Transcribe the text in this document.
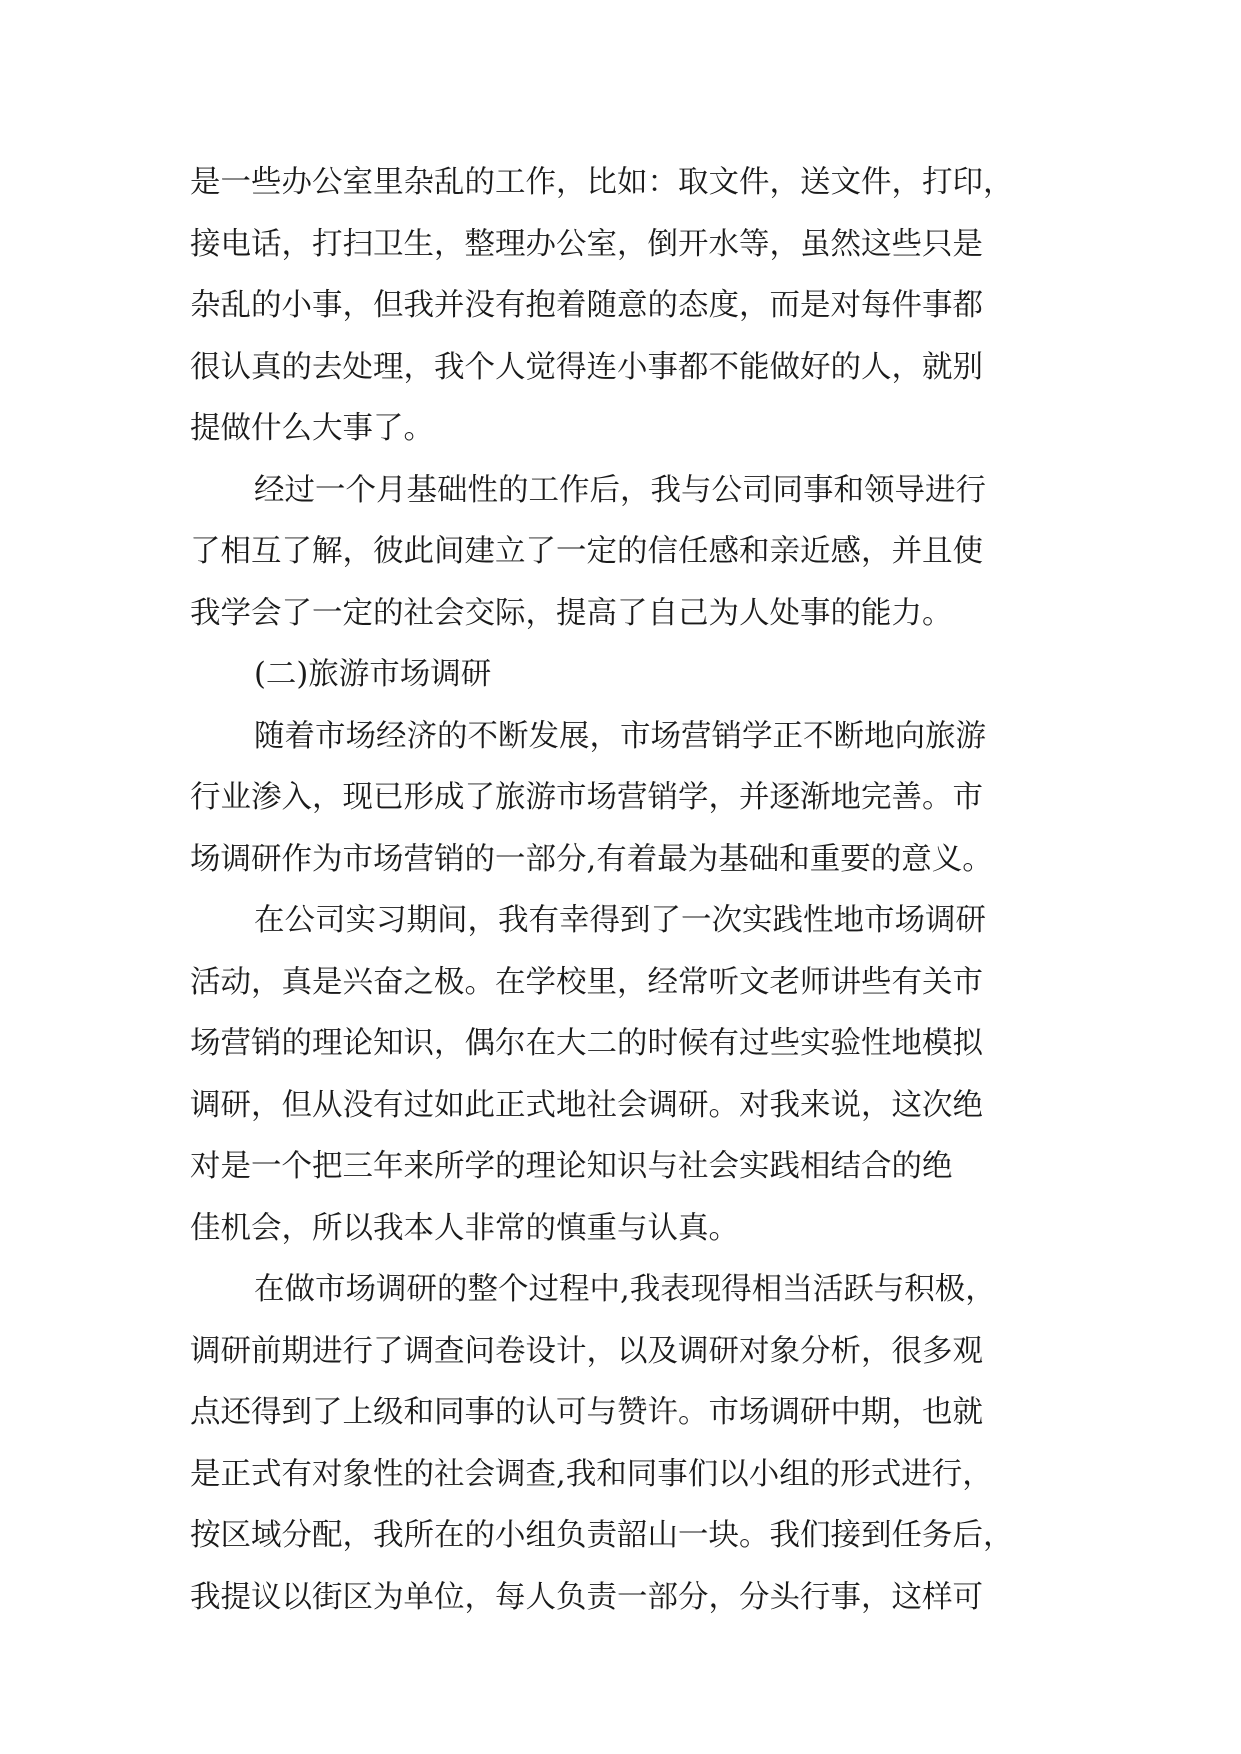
是一些办公室里杂乱的工作，比如：取文件，送文件，打印，
接电话，打扫卫生，整理办公室，倒开水等，虽然这些只是
杂乱的小事，但我并没有抱着随意的态度，而是对每件事都
很认真的去处理，我个人觉得连小事都不能做好的人，就别
提做什么大事了。
经过一个月基础性的工作后，我与公司同事和领导进行
了相互了解，彼此间建立了一定的信任感和亲近感，并且使
我学会了一定的社会交际，提高了自己为人处事的能力。
(二)旅游市场调研
随着市场经济的不断发展，市场营销学正不断地向旅游
行业渗入，现已形成了旅游市场营销学，并逐渐地完善。市
场调研作为市场营销的一部分,有着最为基础和重要的意义。
在公司实习期间，我有幸得到了一次实践性地市场调研
活动，真是兴奋之极。在学校里，经常听文老师讲些有关市
场营销的理论知识，偶尔在大二的时候有过些实验性地模拟
调研，但从没有过如此正式地社会调研。对我来说，这次绝
对是一个把三年来所学的理论知识与社会实践相结合的绝
佳机会，所以我本人非常的慎重与认真。
在做市场调研的整个过程中,我表现得相当活跃与积极，
调研前期进行了调查问卷设计，以及调研对象分析，很多观
点还得到了上级和同事的认可与赞许。市场调研中期，也就
是正式有对象性的社会调查,我和同事们以小组的形式进行，
按区域分配，我所在的小组负责韶山一块。我们接到任务后，
我提议以街区为单位，每人负责一部分，分头行事，这样可
